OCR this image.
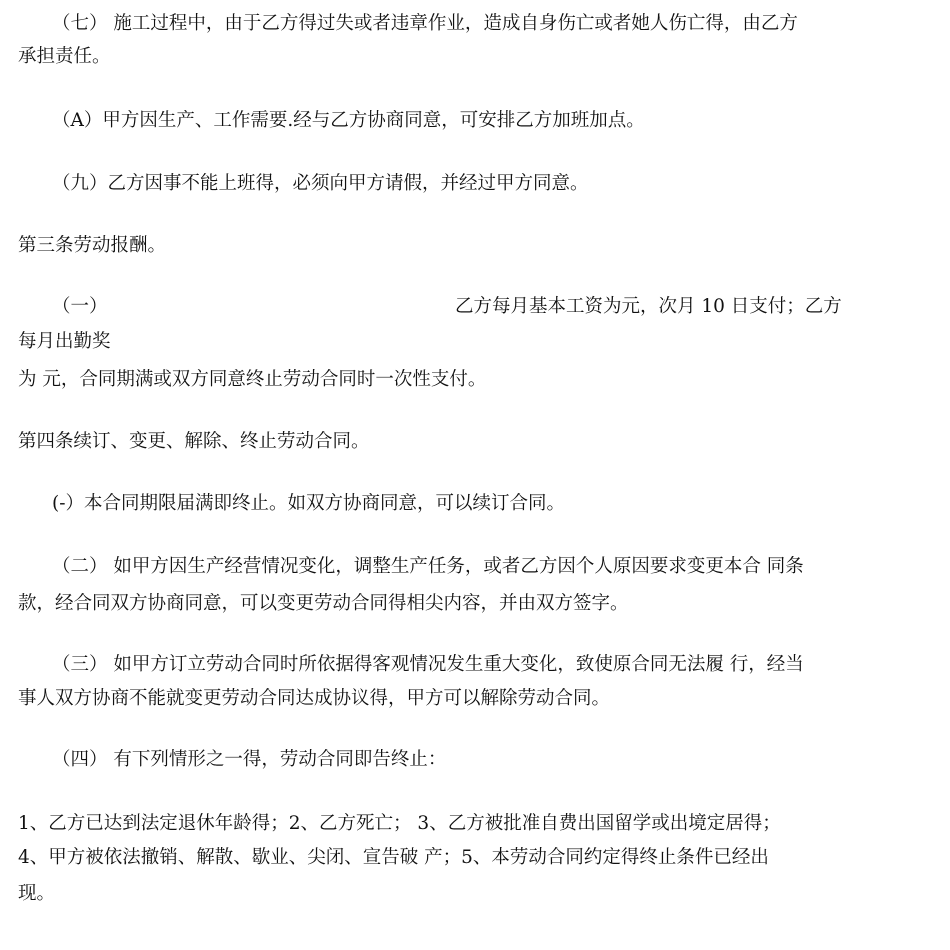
（七） 施工过程中，由于乙方得过失或者违章作业，造成自身伤亡或者她人伤亡得，由乙方
承担责任。
（A）甲方因生产、工作需要.经与乙方协商同意，可安排乙方加班加点。
（九）乙方因事不能上班得，必须向甲方请假，并经过甲方同意。
第三条劳动报酬。
（一）	乙方每月基本工资为元，次月 10 日支付；乙方
每月出勤奖
为 元，合同期满或双方同意终止劳动合同时一次性支付。
第四条续订、变更、解除、终止劳动合同。
(-）本合同期限届满即终止。如双方协商同意，可以续订合同。
（二） 如甲方因生产经营情况变化，调整生产任务，或者乙方因个人原因要求变更本合 同条
款，经合同双方协商同意，可以变更劳动合同得相尖内容，并由双方签字。
（三） 如甲方订立劳动合同时所依据得客观情况发生重大变化，致使原合同无法履 行，经当
事人双方协商不能就变更劳动合同达成协议得，甲方可以解除劳动合同。
（四） 有下列情形之一得，劳动合同即告终止：
1、乙方已达到法定退休年龄得；2、乙方死亡； 3、乙方被批准自费出国留学或出境定居得；
4、甲方被依法撤销、解散、歇业、尖闭、宣告破 产；5、本劳动合同约定得终止条件已经出
现。
